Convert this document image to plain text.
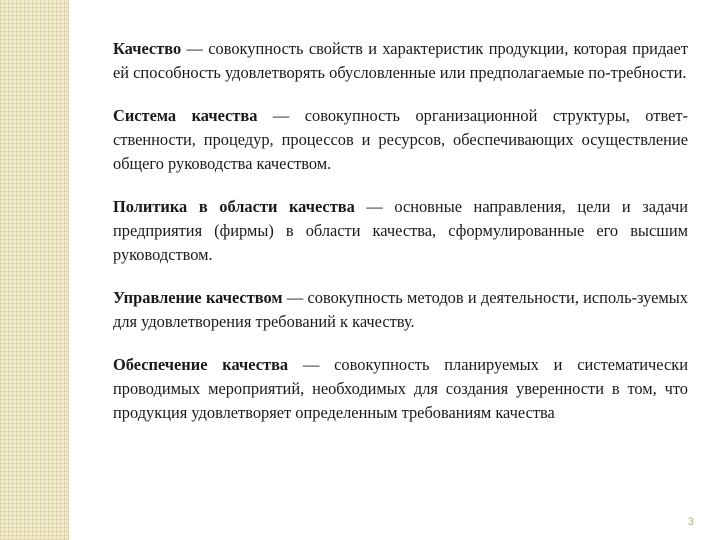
Качество — совокупность свойств и характеристик продукции, которая придает ей способность удовлетворять обусловленные или предполагаемые по-требности.

Система качества — совокупность организационной структуры, ответ-ственности, процедур, процессов и ресурсов, обеспечивающих осуществление общего руководства качеством.

Политика в области качества — основные направления, цели и задачи предприятия (фирмы) в области качества, сформулированные его высшим руководством.

Управление качеством — совокупность методов и деятельности, исполь-зуемых для удовлетворения требований к качеству.

Обеспечение качества — совокупность планируемых и систематически проводимых мероприятий, необходимых для создания уверенности в том, что продукция удовлетворяет определенным требованиям качества

3
